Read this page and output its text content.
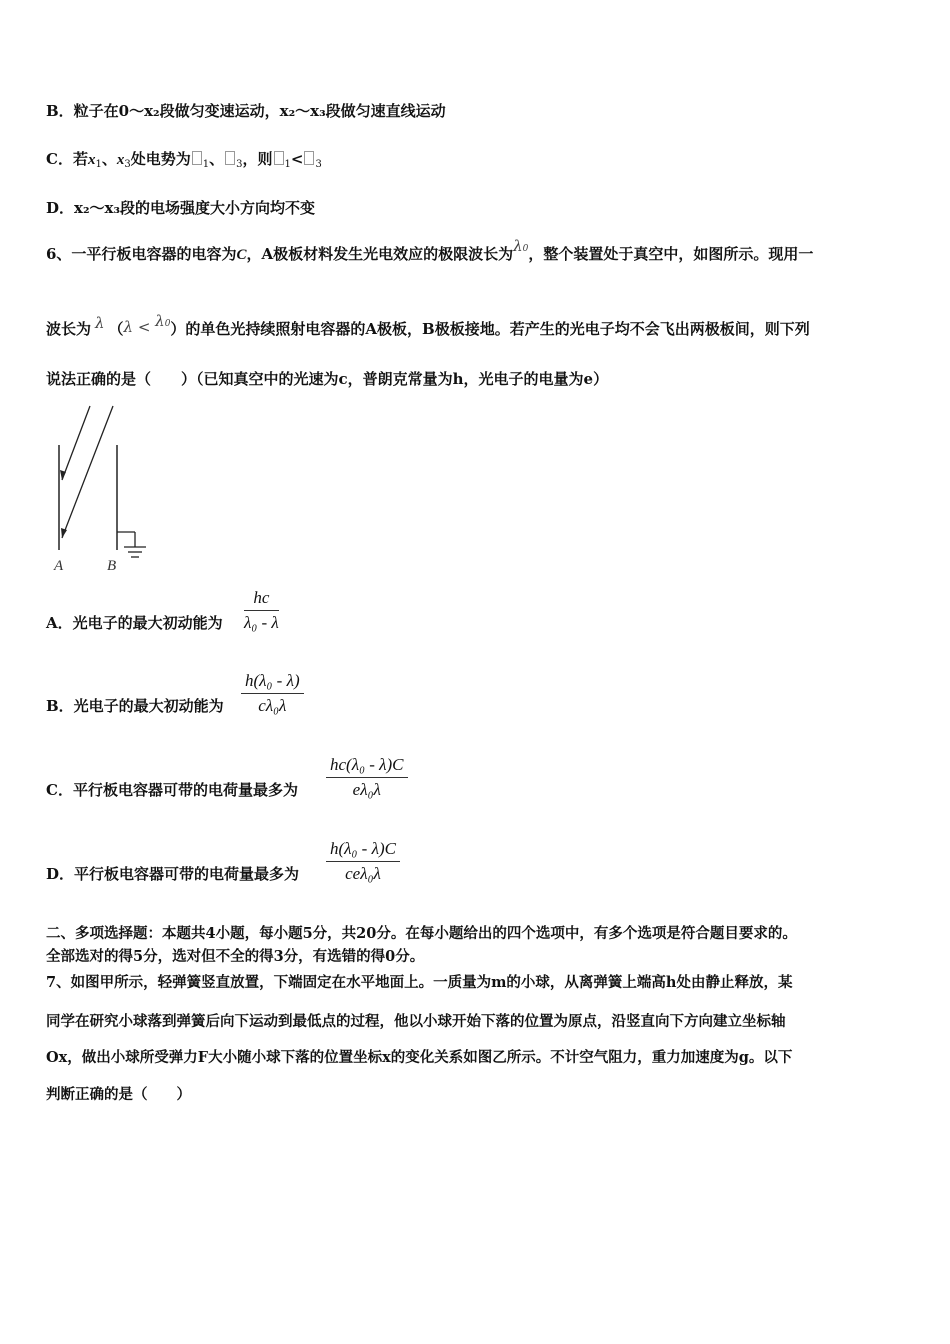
B．粒子在0～x₂段做匀变速运动，x₂～x₃段做匀速直线运动
C．若$x_1$、$x_3$处电势为 $_1$、 $_3$，则 $_1$< $_3$
D．x₂～x₃段的电场强度大小方向均不变
6、一平行板电容器的电容为C，A极板材料发生光电效应的极限波长为λ0，整个装置处于真空中，如图所示。现用一
波长为 λ （λ < λ0）的单色光持续照射电容器的A极板，B极板接地。若产生的光电子均不会飞出两极板间，则下列
说法正确的是（　　）（已知真空中的光速为c，普朗克常量为h，光电子的电量为e）
A	B
A．光电子的最大初动能为 $\frac{hc}{\text{λ₀ - λ}}$
B．光电子的最大初动能为 $\frac{\text{h(λ₀ - λ)}}{\text{cλ₀λ}}$
C．平行板电容器可带的电荷量最多为 $\frac{\text{hc(λ₀ - λ)C}}{\text{eλ₀λ}}$
D．平行板电容器可带的电荷量最多为
h(λ₀ - λ)C
ceλ₀λ
二、多项选择题：本题共4小题，每小题5分，共20分。在每小题给出的四个选项中，有多个选项是符合题目要求的。
全部选对的得5分，选对但不全的得3分，有选错的得0分。
7、如图甲所示，轻弹簧竖直放置，下端固定在水平地面上。一质量为m的小球，从离弹簧上端高h处由静止释放，某
同学在研究小球落到弹簧后向下运动到最低点的过程，他以小球开始下落的位置为原点，沿竖直向下方向建立坐标轴
Ox，做出小球所受弹力F大小随小球下落的位置坐标x的变化关系如图乙所示。不计空气阻力，重力加速度为g。以下
判断正确的是（　　）
